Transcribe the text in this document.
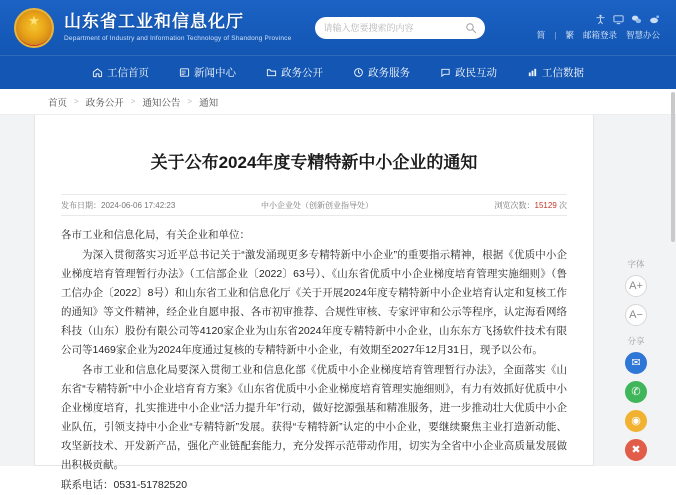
★
山东省工业和信息化厅
Department of Industry and Information Technology of Shandong Province
请输入您要搜索的内容	简 | 繁 邮箱登录 智慧办公
工信首页	新闻中心	政务公开	政务服务	政民互动	工信数据
首页 > 政务公开 > 通知公告 > 通知
关于公布2024年度专精特新中小企业的通知
发布日期：2024-06-06 17:42:23	中小企业处（创新创业指导处）	浏览次数：15129 次

各市工业和信息化局，有关企业和单位：

为深入贯彻落实习近平总书记关于“激发涌现更多专精特新中小企业”的重要指示精神，根据《优质中小企业梯度培育管理暂行办法》（工信部企业〔2022〕63号）、《山东省优质中小企业梯度培育管理实施细则》（鲁工信办企〔2022〕8号）和山东省工业和信息化厅《关于开展2024年度专精特新中小企业培育认定和复核工作的通知》等文件精神，经企业自愿申报、各市初审推荐、合规性审核、专家评审和公示等程序，认定海看网络科技（山东）股份有限公司等4120家企业为山东省2024年度专精特新中小企业，山东东方飞扬软件技术有限公司等1469家企业为2024年度通过复核的专精特新中小企业，有效期至2027年12月31日，现予以公布。

各市工业和信息化局要深入贯彻工业和信息化部《优质中小企业梯度培育管理暂行办法》，全面落实《山东省“专精特新”中小企业培育育方案》《山东省优质中小企业梯度培育管理实施细则》，有力有效抓好优质中小企业梯度培育，扎实推进中小企业“活力提升年”行动，做好挖源强基和精准服务，进一步推动壮大优质中小企业队伍，引领支持中小企业“专精特新”发展。获得“专精特新”认定的中小企业，要继续聚焦主业打造新动能、攻坚新技术、开发新产品，强化产业链配套能力，充分发挥示范带动作用，切实为全省中小企业高质量发展做出积极贡献。

联系电话：0531-51782520

字体
A+
A−
分享
✉
✆
◉
✖
